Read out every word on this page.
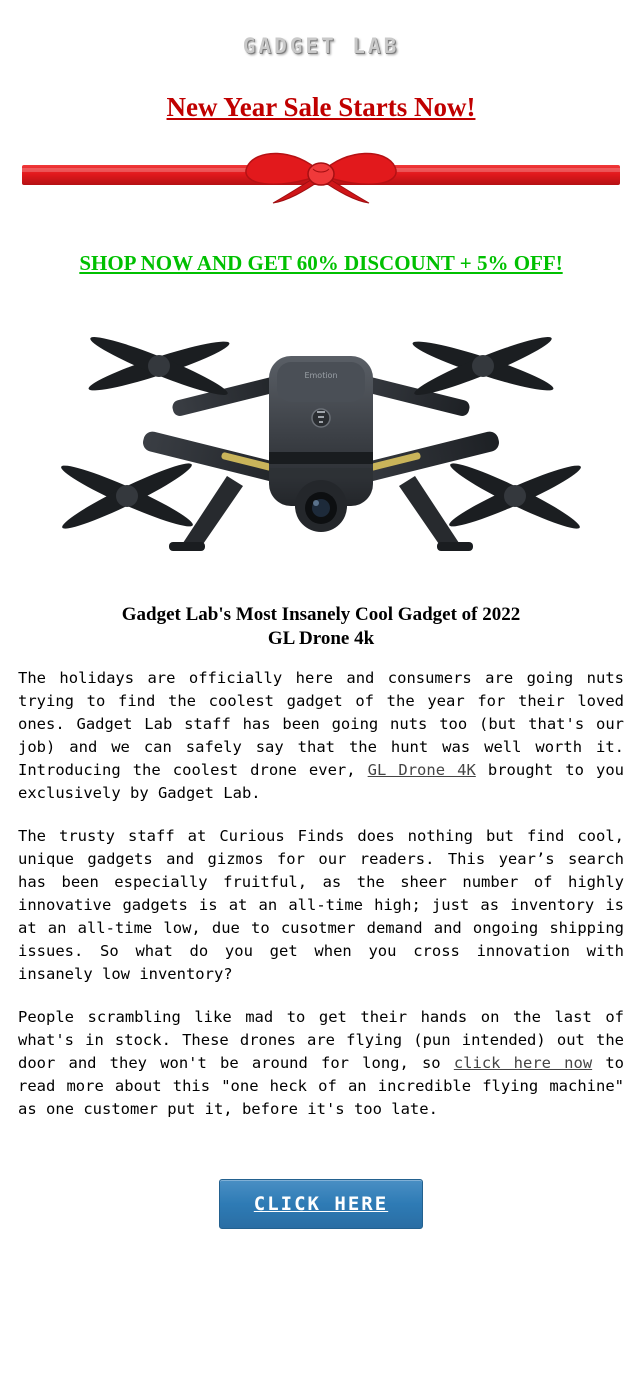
GADGET LAB
New Year Sale Starts Now!
SHOP NOW AND GET 60% DISCOUNT + 5% OFF!
Emotion
Gadget Lab's Most Insanely Cool Gadget of 2022
GL Drone 4k

The holidays are officially here and consumers are going nuts trying to find the coolest gadget of the year for their loved ones. Gadget Lab staff has been going nuts too (but that's our job) and we can safely say that the hunt was well worth it. Introducing the coolest drone ever, GL Drone 4K brought to you exclusively by Gadget Lab.

The trusty staff at Curious Finds does nothing but find cool, unique gadgets and gizmos for our readers. This year’s search has been especially fruitful, as the sheer number of highly innovative gadgets is at an all-time high; just as inventory is at an all-time low, due to cusotmer demand and ongoing shipping issues. So what do you get when you cross innovation with insanely low inventory?

People scrambling like mad to get their hands on the last of what's in stock. These drones are flying (pun intended) out the door and they won't be around for long, so click here now to read more about this "one heck of an incredible flying machine" as one customer put it, before it's too late.

CLICK HERE
